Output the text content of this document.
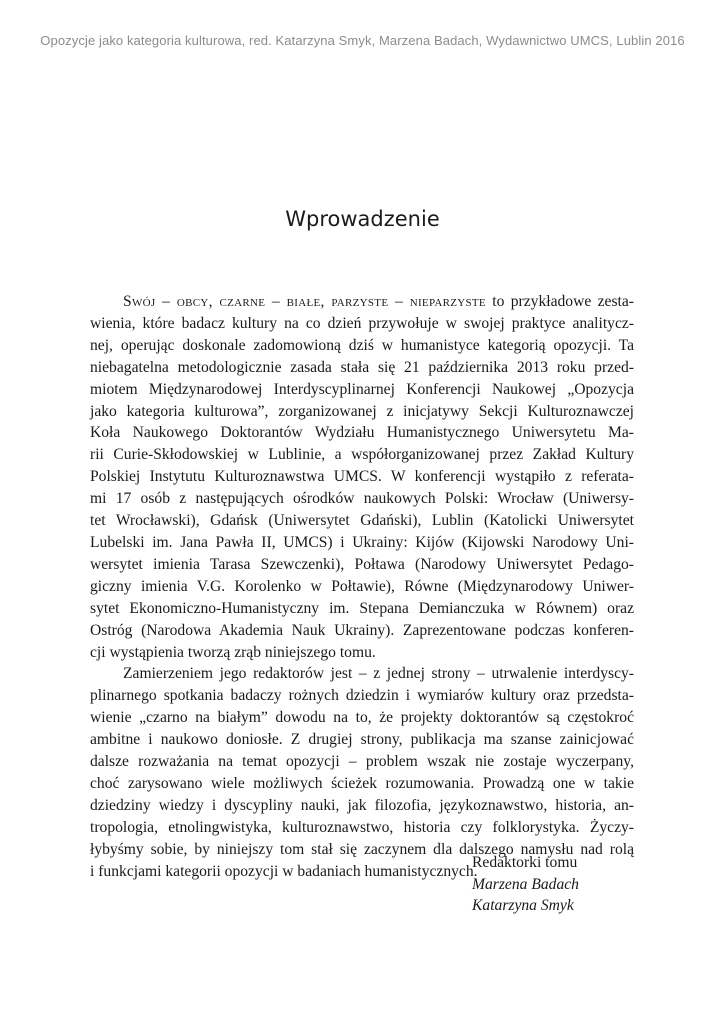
Opozycje jako kategoria kulturowa, red. Katarzyna Smyk, Marzena Badach, Wydawnictwo UMCS, Lublin 2016
Wprowadzenie
Swój – obcy, czarne – białe, parzyste – nieparzyste to przykładowe zesta-
wienia, które badacz kultury na co dzień przywołuje w swojej praktyce analitycz-
nej, operując doskonale zadomowioną dziś w humanistyce kategorią opozycji. Ta
niebagatelna metodologicznie zasada stała się 21 października 2013 roku przed-
miotem Międzynarodowej Interdyscyplinarnej Konferencji Naukowej „Opozycja
jako kategoria kulturowa”, zorganizowanej z inicjatywy Sekcji Kulturoznawczej
Koła Naukowego Doktorantów Wydziału Humanistycznego Uniwersytetu Ma-
rii Curie-Skłodowskiej w Lublinie, a współorganizowanej przez Zakład Kultury
Polskiej Instytutu Kulturoznawstwa UMCS. W konferencji wystąpiło z referata-
mi 17 osób z następujących ośrodków naukowych Polski: Wrocław (Uniwersy-
tet Wrocławski), Gdańsk (Uniwersytet Gdański), Lublin (Katolicki Uniwersytet
Lubelski im. Jana Pawła II, UMCS) i Ukrainy: Kijów (Kijowski Narodowy Uni-
wersytet imienia Tarasa Szewczenki), Połtawa (Narodowy Uniwersytet Pedago-
giczny imienia V.G. Korolenko w Połtawie), Równe (Międzynarodowy Uniwer-
sytet Ekonomiczno-Humanistyczny im. Stepana Demianczuka w Równem) oraz
Ostróg (Narodowa Akademia Nauk Ukrainy). Zaprezentowane podczas konferen-
cji wystąpienia tworzą zrąb niniejszego tomu.
Zamierzeniem jego redaktorów jest – z jednej strony – utrwalenie interdyscy-
plinarnego spotkania badaczy rożnych dziedzin i wymiarów kultury oraz przedsta-
wienie „czarno na białym” dowodu na to, że projekty doktorantów są częstokroć
ambitne i naukowo doniosłe. Z drugiej strony, publikacja ma szanse zainicjować
dalsze rozważania na temat opozycji – problem wszak nie zostaje wyczerpany,
choć zarysowano wiele możliwych ścieżek rozumowania. Prowadzą one w takie
dziedziny wiedzy i dyscypliny nauki, jak filozofia, językoznawstwo, historia, an-
tropologia, etnolingwistyka, kulturoznawstwo, historia czy folklorystyka. Życzy-
łybyśmy sobie, by niniejszy tom stał się zaczynem dla dalszego namysłu nad rolą
i funkcjami kategorii opozycji w badaniach humanistycznych.
Redaktorki tomu
Marzena Badach
Katarzyna Smyk
